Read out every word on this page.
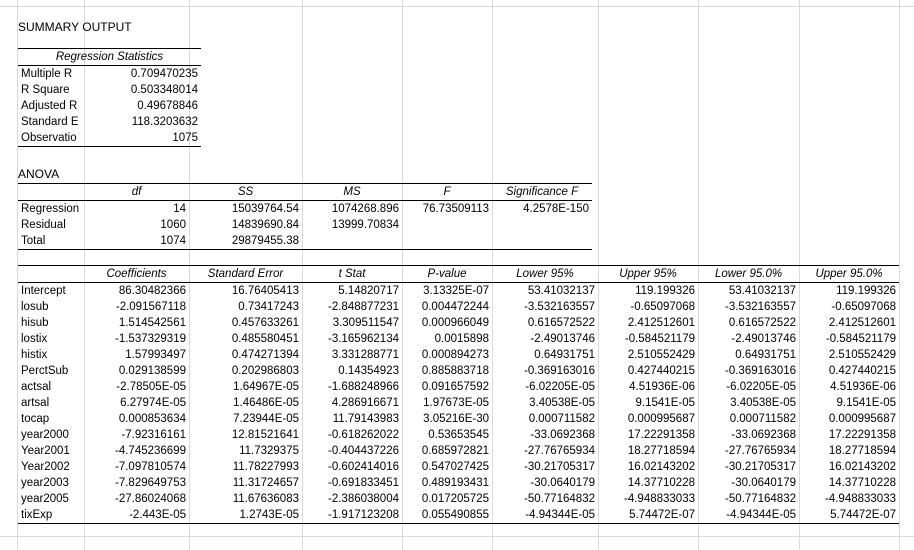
SUMMARY OUTPUT
Regression Statistics	
Multiple R	0.709470235
R Square	0.503348014
Adjusted R	0.49678846
Standard E	118.3203632
Observatio	1075
ANOVA
	df	SS	MS	F	Significance F
Regression	14	15039764.54	1074268.896	76.73509113	4.2578E-150
Residual	1060	14839690.84	13999.70834		
Total	1074	29879455.38			
	Coefficients	Standard Error	t Stat	P-value	Lower 95%	Upper 95%	Lower 95.0%	Upper 95.0%
Intercept	86.30482366	16.76405413	5.14820717	3.13325E-07	53.41032137	119.199326	53.41032137	119.199326
losub	-2.091567118	0.73417243	-2.848877231	0.004472244	-3.532163557	-0.65097068	-3.532163557	-0.65097068
hisub	1.514542561	0.457633261	3.309511547	0.000966049	0.616572522	2.412512601	0.616572522	2.412512601
lostix	-1.537329319	0.485580451	-3.165962134	0.0015898	-2.49013746	-0.584521179	-2.49013746	-0.584521179
histix	1.57993497	0.474271394	3.331288771	0.000894273	0.64931751	2.510552429	0.64931751	2.510552429
PerctSub	0.029138599	0.202986803	0.14354923	0.885883718	-0.369163016	0.427440215	-0.369163016	0.427440215
actsal	-2.78505E-05	1.64967E-05	-1.688248966	0.091657592	-6.02205E-05	4.51936E-06	-6.02205E-05	4.51936E-06
artsal	6.27974E-05	1.46486E-05	4.286916671	1.97673E-05	3.40538E-05	9.1541E-05	3.40538E-05	9.1541E-05
tocap	0.000853634	7.23944E-05	11.79143983	3.05216E-30	0.000711582	0.000995687	0.000711582	0.000995687
year2000	-7.92316161	12.81521641	-0.618262022	0.53653545	-33.0692368	17.22291358	-33.0692368	17.22291358
Year2001	-4.745236699	11.7329375	-0.404437226	0.685972821	-27.76765934	18.27718594	-27.76765934	18.27718594
Year2002	-7.097810574	11.78227993	-0.602414016	0.547027425	-30.21705317	16.02143202	-30.21705317	16.02143202
year2003	-7.829649753	11.31724657	-0.691833451	0.489193431	-30.0640179	14.37710228	-30.0640179	14.37710228
year2005	-27.86024068	11.67636083	-2.386038004	0.017205725	-50.77164832	-4.948833033	-50.77164832	-4.948833033
tixExp	-2.443E-05	1.2743E-05	-1.917123208	0.055490855	-4.94344E-05	5.74472E-07	-4.94344E-05	5.74472E-07
